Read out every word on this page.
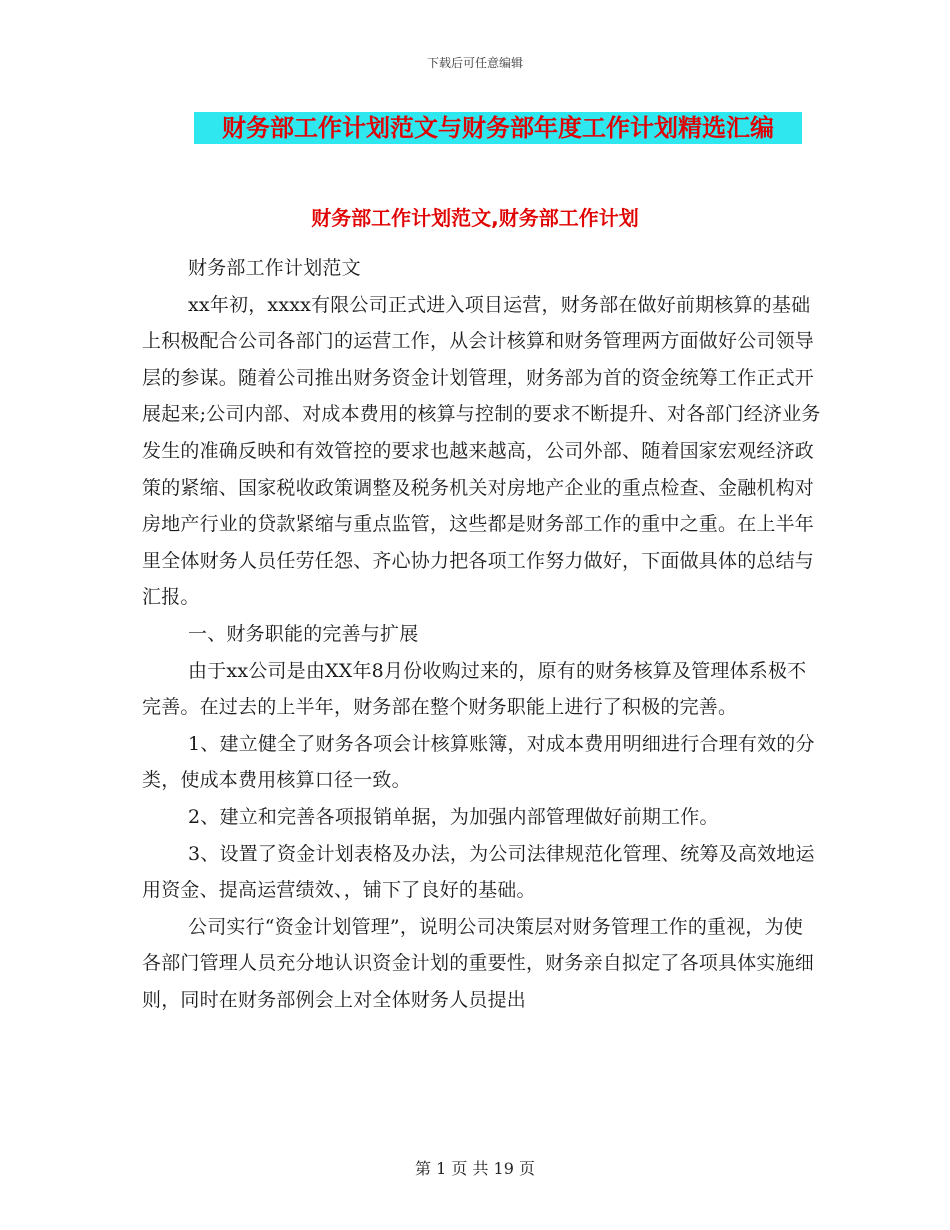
下载后可任意编辑
财务部工作计划范文与财务部年度工作计划精选汇编
财务部工作计划范文,财务部工作计划

财务部工作计划范文

xx年初，xxxx有限公司正式进入项目运营，财务部在做好前期核算的基础上积极配合公司各部门的运营工作，从会计核算和财务管理两方面做好公司领导层的参谋。随着公司推出财务资金计划管理，财务部为首的资金统筹工作正式开展起来;公司内部、对成本费用的核算与控制的要求不断提升、对各部门经济业务发生的准确反映和有效管控的要求也越来越高，公司外部、随着国家宏观经济政策的紧缩、国家税收政策调整及税务机关对房地产企业的重点检查、金融机构对房地产行业的贷款紧缩与重点监管，这些都是财务部工作的重中之重。在上半年里全体财务人员任劳任怨、齐心协力把各项工作努力做好，下面做具体的总结与汇报。

一、财务职能的完善与扩展

由于xx公司是由XX年8月份收购过来的，原有的财务核算及管理体系极不完善。在过去的上半年，财务部在整个财务职能上进行了积极的完善。

1、建立健全了财务各项会计核算账簿，对成本费用明细进行合理有效的分类，使成本费用核算口径一致。

2、建立和完善各项报销单据，为加强内部管理做好前期工作。

3、设置了资金计划表格及办法，为公司法律规范化管理、统筹及高效地运用资金、提高运营绩效、，铺下了良好的基础。

公司实行“资金计划管理”，说明公司决策层对财务管理工作的重视，为使各部门管理人员充分地认识资金计划的重要性，财务亲自拟定了各项具体实施细则，同时在财务部例会上对全体财务人员提出

第 1 页 共 19 页
